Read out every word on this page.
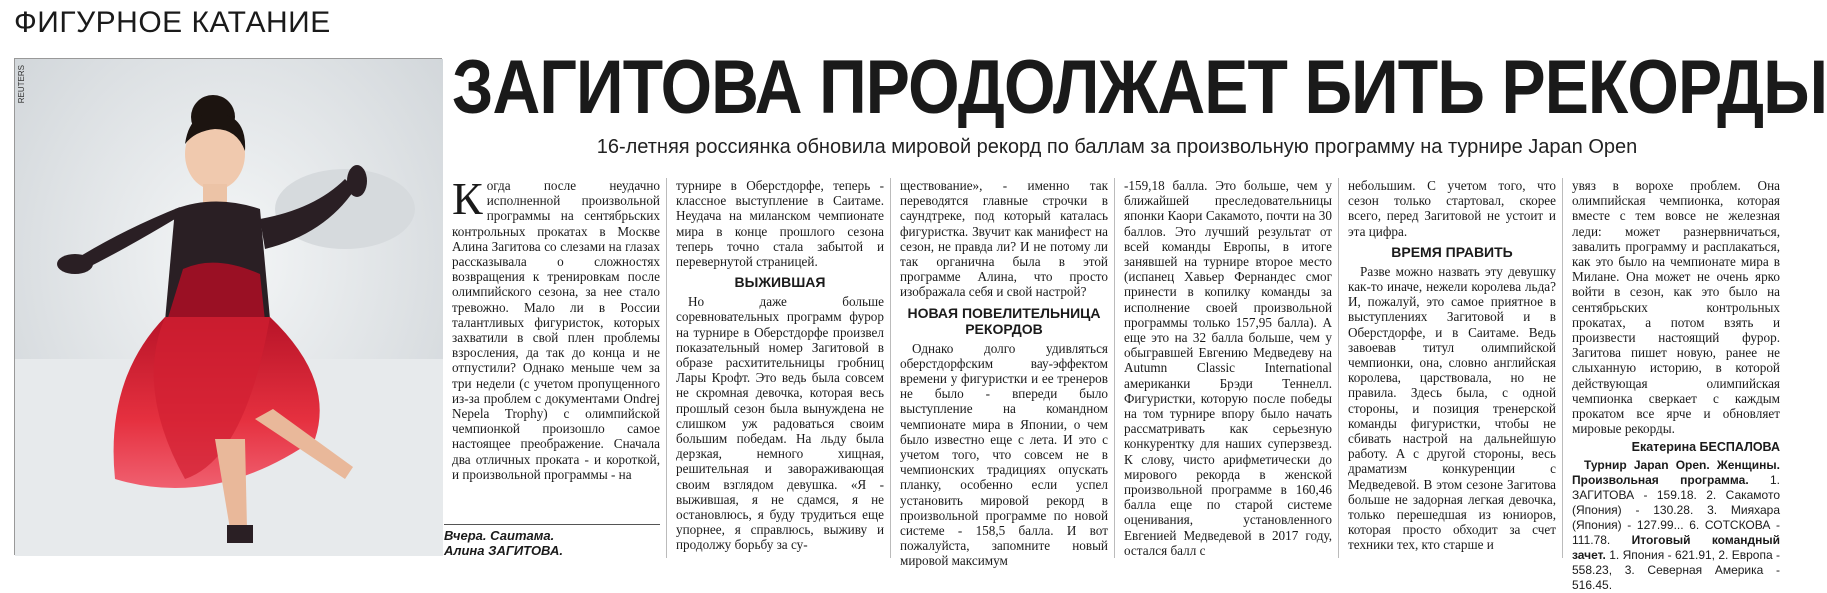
ФИГУРНОЕ КАТАНИЕ
REUTERS
Вчера. Саитама.
Алина ЗАГИТОВА.
ЗАГИТОВА ПРОДОЛЖАЕТ БИТЬ РЕКОРДЫ
16-летняя россиянка обновила мировой рекорд по баллам за произвольную программу на турнире Japan Open

Когда после неудачно исполненной произвольной программы на сентябрьских контрольных прокатах в Москве Алина Загитова со слезами на глазах рассказывала о сложностях возвращения к тренировкам после олимпийского сезона, за нее стало тревожно. Мало ли в России талантливых фигуристок, которых захватили в свой плен проблемы взросления, да так до конца и не отпустили? Однако меньше чем за три недели (с учетом пропущенного из-за проблем с документами Ondrej Nepela Trophy) с олимпийской чемпионкой произошло самое настоящее преображение. Сначала два отличных проката - и короткой, и произвольной программы - на

турнире в Оберстдорфе, теперь - классное выступление в Саитаме. Неудача на миланском чемпионате мира в конце прошлого сезона теперь точно стала забытой и перевернутой страницей.

ВЫЖИВШАЯ

Но даже больше соревновательных программ фурор на турнире в Оберстдорфе произвел показательный номер Загитовой в образе расхитительницы гробниц Лары Крофт. Это ведь была совсем не скромная девочка, которая весь прошлый сезон была вынуждена не слишком уж радоваться своим большим победам. На льду была дерзкая, немного хищная, решительная и завораживающая своим взглядом девушка. «Я - выжившая, я не сдамся, я не остановлюсь, я буду трудиться еще упорнее, я справлюсь, выживу и продолжу борьбу за су-

ществование», - именно так переводятся главные строчки в саундтреке, под который каталась фигуристка. Звучит как манифест на сезон, не правда ли? И не потому ли так органична была в этой программе Алина, что просто изображала себя и свой настрой?

НОВАЯ ПОВЕЛИТЕЛЬНИЦА РЕКОРДОВ

Однако долго удивляться оберстдорфским вау-эффектом времени у фигуристки и ее тренеров не было - впереди было выступление на командном чемпионате мира в Японии, о чем было известно еще с лета. И это с учетом того, что совсем не в чемпионских традициях опускать планку, особенно если успел установить мировой рекорд в произвольной программе по новой системе - 158,5 балла. И вот пожалуйста, запомните новый мировой максимум

-159,18 балла. Это больше, чем у ближайшей преследовательницы японки Каори Сакамото, почти на 30 баллов. Это лучший результат от всей команды Европы, в итоге занявшей на турнире второе место (испанец Хавьер Фернандес смог принести в копилку команды за исполнение своей произвольной программы только 157,95 балла). А еще это на 32 балла больше, чем у обыгравшей Евгению Медведеву на Autumn Classic International американки Брэди Теннелл. Фигуристки, которую после победы на том турнире впору было начать рассматривать как серьезную конкурентку для наших суперзвезд. К слову, чисто арифметически до мирового рекорда в женской произвольной программе в 160,46 балла еще по старой системе оценивания, установленного Евгенией Медведевой в 2017 году, остался балл с

небольшим. С учетом того, что сезон только стартовал, скорее всего, перед Загитовой не устоит и эта цифра.

ВРЕМЯ ПРАВИТЬ

Разве можно назвать эту девушку как-то иначе, нежели королева льда? И, пожалуй, это самое приятное в выступлениях Загитовой и в Оберстдорфе, и в Саитаме. Ведь завоевав титул олимпийской чемпионки, она, словно английская королева, царствовала, но не правила. Здесь была, с одной стороны, и позиция тренерской команды фигуристки, чтобы не сбивать настрой на дальнейшую работу. А с другой стороны, весь драматизм конкуренции с Медведевой. В этом сезоне Загитова больше не задорная легкая девочка, только перешедшая из юниоров, которая просто обходит за счет техники тех, кто старше и

увяз в ворохе проблем. Она олимпийская чемпионка, которая вместе с тем вовсе не железная леди: может разнервничаться, завалить программу и расплакаться, как это было на чемпионате мира в Милане. Она может не очень ярко войти в сезон, как это было на сентябрьских контрольных прокатах, а потом взять и произвести настоящий фурор. Загитова пишет новую, ранее не слыханную историю, в которой действующая олимпийская чемпионка сверкает с каждым прокатом все ярче и обновляет мировые рекорды.

Екатерина БЕСПАЛОВА

Турнир Japan Open. Женщины. Произвольная программа. 1. ЗАГИТОВА - 159.18. 2. Сакамото (Япония) - 130.28. 3. Мияхара (Япония) - 127.99... 6. СОТСКОВА - 111.78. Итоговый командный зачет. 1. Япония - 621.91, 2. Европа - 558.23, 3. Северная Америка - 516.45.
